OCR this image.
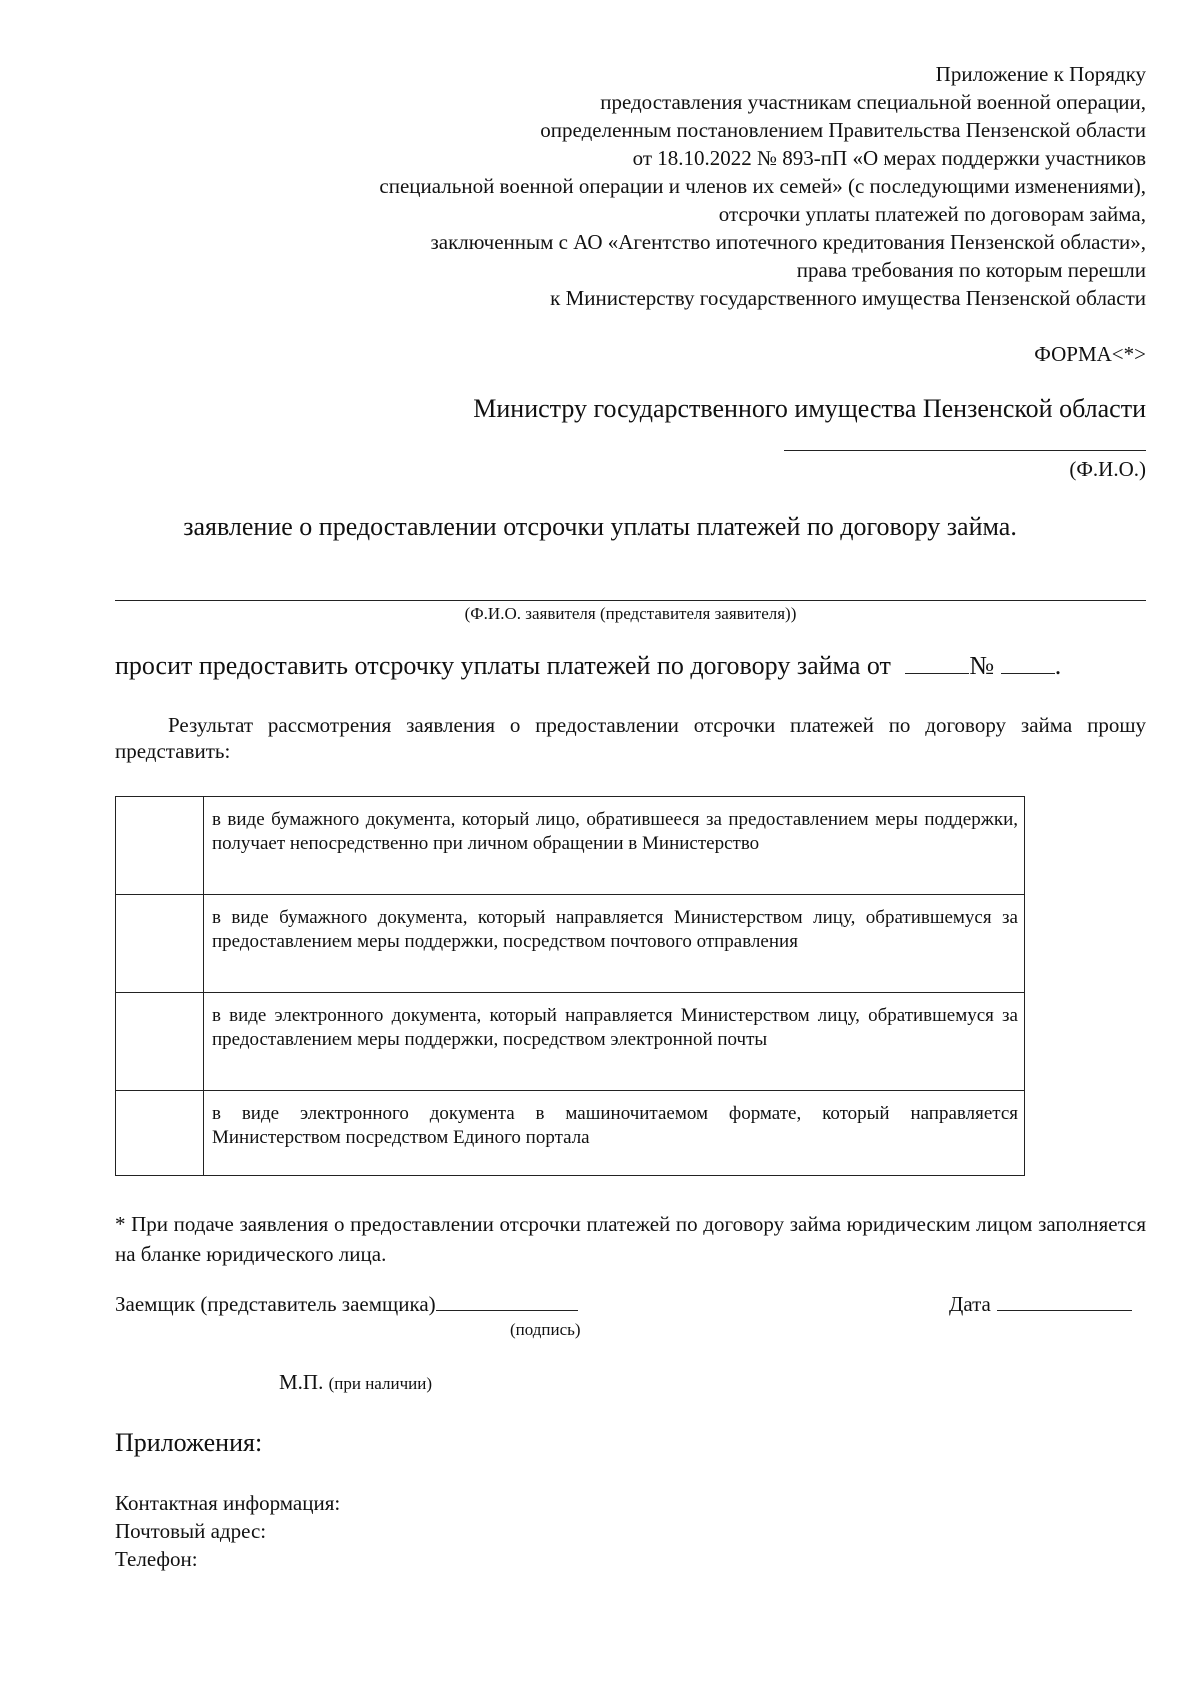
Приложение к Порядку
предоставления участникам специальной военной операции,
определенным постановлением Правительства Пензенской области
от 18.10.2022 № 893-пП «О мерах поддержки участников
специальной военной операции и членов их семей» (с последующими изменениями),
отсрочки уплаты платежей по договорам займа,
заключенным с АО «Агентство ипотечного кредитования Пензенской области»,
права требования по которым перешли
к Министерству государственного имущества Пензенской области
ФОРМА<*>
Министру государственного имущества Пензенской области
(Ф.И.О.)
заявление о предоставлении отсрочки уплаты платежей по договору займа.
(Ф.И.О. заявителя (представителя заявителя))
просит предоставить отсрочку уплаты платежей по договору займа от	№ .
Результат рассмотрения заявления о предоставлении отсрочки платежей по договору займа прошу представить:
	в виде бумажного документа, который лицо, обратившееся за предоставлением меры поддержки, получает непосредственно при личном обращении в Министерство
	в виде бумажного документа, который направляется Министерством лицу, обратившемуся за предоставлением меры поддержки, посредством почтового отправления
	в виде электронного документа, который направляется Министерством лицу, обратившемуся за предоставлением меры поддержки, посредством электронной почты
	в виде электронного документа в машиночитаемом формате, который направляется Министерством посредством Единого портала
* При подаче заявления о предоставлении отсрочки платежей по договору займа юридическим лицом заполняется на бланке юридического лица.
Заемщик (представитель заемщика)
(подпись)
Дата
М.П. (при наличии)
Приложения:
Контактная информация:
Почтовый адрес:
Телефон:
